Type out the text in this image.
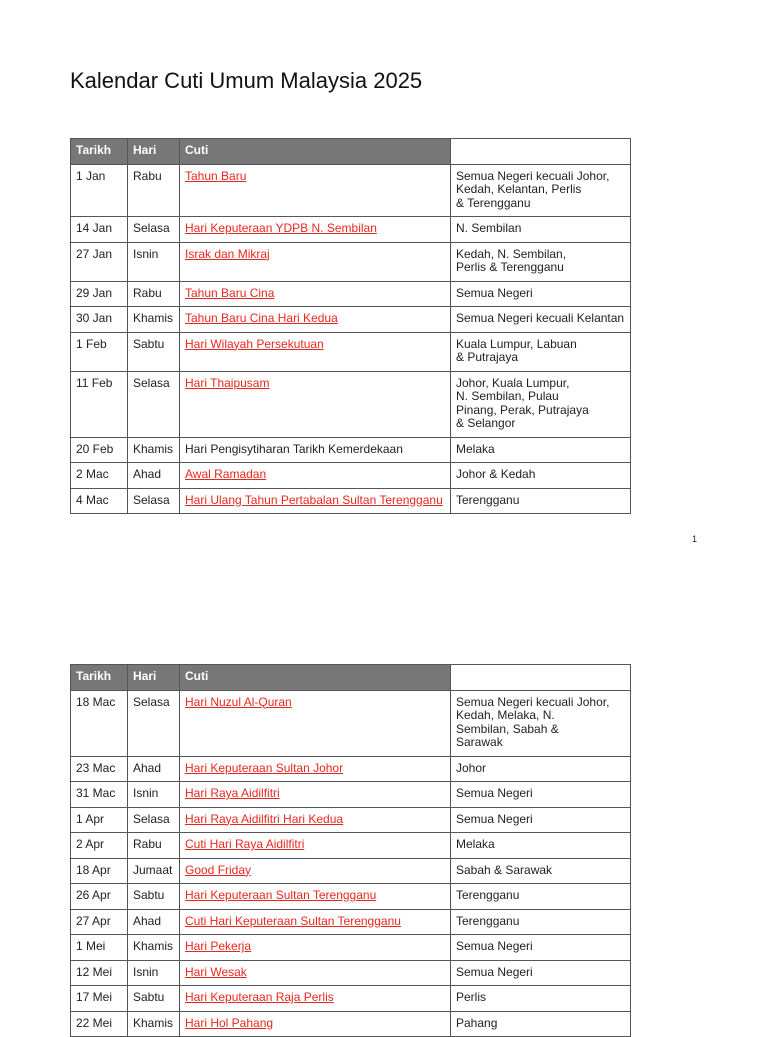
Kalendar Cuti Umum Malaysia 2025
Tarikh	Hari	Cuti	
1 Jan	Rabu	Tahun Baru	Semua Negeri kecuali Johor,
Kedah, Kelantan, Perlis
& Terengganu
14 Jan	Selasa	Hari Keputeraan YDPB N. Sembilan	N. Sembilan
27 Jan	Isnin	Israk dan Mikraj	Kedah, N. Sembilan,
Perlis & Terengganu
29 Jan	Rabu	Tahun Baru Cina	Semua Negeri
30 Jan	Khamis	Tahun Baru Cina Hari Kedua	Semua Negeri kecuali Kelantan
1 Feb	Sabtu	Hari Wilayah Persekutuan	Kuala Lumpur, Labuan
& Putrajaya
11 Feb	Selasa	Hari Thaipusam	Johor, Kuala Lumpur,
N. Sembilan, Pulau
Pinang, Perak, Putrajaya
& Selangor
20 Feb	Khamis	Hari Pengisytiharan Tarikh Kemerdekaan	Melaka
2 Mac	Ahad	Awal Ramadan	Johor & Kedah
4 Mac	Selasa	Hari Ulang Tahun Pertabalan Sultan Terengganu	Terengganu
1
Tarikh	Hari	Cuti	
18 Mac	Selasa	Hari Nuzul Al-Quran	Semua Negeri kecuali Johor,
Kedah, Melaka, N.
Sembilan, Sabah &
Sarawak
23 Mac	Ahad	Hari Keputeraan Sultan Johor	Johor
31 Mac	Isnin	Hari Raya Aidilfitri	Semua Negeri
1 Apr	Selasa	Hari Raya Aidilfitri Hari Kedua	Semua Negeri
2 Apr	Rabu	Cuti Hari Raya Aidilfitri	Melaka
18 Apr	Jumaat	Good Friday	Sabah & Sarawak
26 Apr	Sabtu	Hari Keputeraan Sultan Terengganu	Terengganu
27 Apr	Ahad	Cuti Hari Keputeraan Sultan Terengganu	Terengganu
1 Mei	Khamis	Hari Pekerja	Semua Negeri
12 Mei	Isnin	Hari Wesak	Semua Negeri
17 Mei	Sabtu	Hari Keputeraan Raja Perlis	Perlis
22 Mei	Khamis	Hari Hol Pahang	Pahang
